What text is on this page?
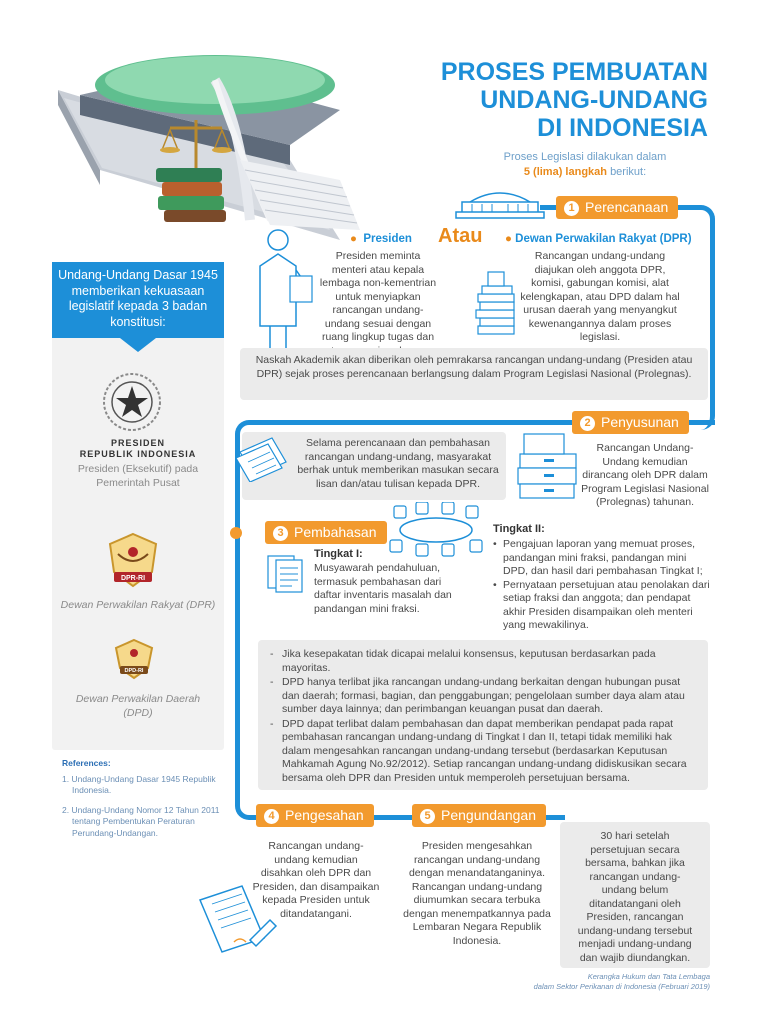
PROSES PEMBUATAN
UNDANG-UNDANG
DI INDONESIA
Proses Legislasi dilakukan dalam
5 (lima) langkah berikut:
1 Perencanaan
● Presiden Atau ● Dewan Perwakilan Rakyat (DPR)
Presiden meminta menteri atau kepala lembaga non-kementrian untuk menyiapkan rancangan undang-undang sesuai dengan ruang lingkup tugas dan
Rancangan undang-undang diajukan oleh anggota DPR, komisi, gabungan komisi, alat kelengkapan, atau DPD dalam hal urusan daerah yang menyangkut kewenangannya dalam proses legislasi.
Naskah Akademik akan diberikan oleh pemrakarsa rancangan undang-undang (Presiden atau DPR) sejak proses perencanaan berlangsung dalam Program Legislasi Nasional (Prolegnas).
2 Penyusunan
Selama perencanaan dan pembahasan rancangan undang-undang, masyarakat berhak untuk memberikan masukan secara lisan dan/atau tulisan kepada DPR.
Rancangan Undang-Undang kemudian dirancang oleh DPR dalam Program Legislasi Nasional (Prolegnas) tahunan.
3 Pembahasan
Tingkat I:
Musyawarah pendahuluan, termasuk pembahasan dari daftar inventaris masalah dan pandangan mini fraksi.
Tingkat II:
• Pengajuan laporan yang memuat proses, pandangan mini fraksi, pandangan mini DPD, dan hasil dari pembahasan Tingkat I;
• Pernyataan persetujuan atau penolakan dari setiap fraksi dan anggota; dan pendapat akhir Presiden disampaikan oleh menteri yang mewakilinya.
- Jika kesepakatan tidak dicapai melalui konsensus, keputusan berdasarkan pada mayoritas.
- DPD hanya terlibat jika rancangan undang-undang berkaitan dengan hubungan pusat dan daerah; formasi, bagian, dan penggabungan; pengelolaan sumber daya alam atau sumber daya lainnya; dan perimbangan keuangan pusat dan daerah.
- DPD dapat terlibat dalam pembahasan dan dapat memberikan pendapat pada rapat pembahasan rancangan undang-undang di Tingkat I dan II, tetapi tidak memiliki hak dalam mengesahkan rancangan undang-undang tersebut (berdasarkan Keputusan Mahkamah Agung No.92/2012). Setiap rancangan undang-undang didiskusikan secara bersama oleh DPR dan Presiden untuk memperoleh persetujuan bersama.
4 Pengesahan
Rancangan undang-undang kemudian disahkan oleh DPR dan Presiden, dan disampaikan kepada Presiden untuk ditandatangani.
5 Pengundangan
Presiden mengesahkan rancangan undang-undang dengan menandatanganinya. Rancangan undang-undang diumumkan secara terbuka dengan menempatkannya pada Lembaran Negara Republik Indonesia.
30 hari setelah persetujuan secara bersama, bahkan jika rancangan undang-undang belum ditandatangani oleh Presiden, rancangan undang-undang tersebut menjadi undang-undang dan wajib diundangkan.
Undang-Undang Dasar 1945 memberikan kekuasaan legislatif kepada 3 badan konstitusi:
PRESIDEN
REPUBLIK INDONESIA
Presiden (Eksekutif) pada Pemerintah Pusat
DPR-RI
Dewan Perwakilan Rakyat (DPR)
DPD-RI
Dewan Perwakilan Daerah (DPD)
References:
1. Undang-Undang Dasar 1945 Republik Indonesia.
2. Undang-Undang Nomor 12 Tahun 2011 tentang Pembentukan Peraturan Perundang-Undangan.
Kerangka Hukum dan Tata Lembaga
dalam Sektor Perikanan di Indonesia (Februari 2019)
